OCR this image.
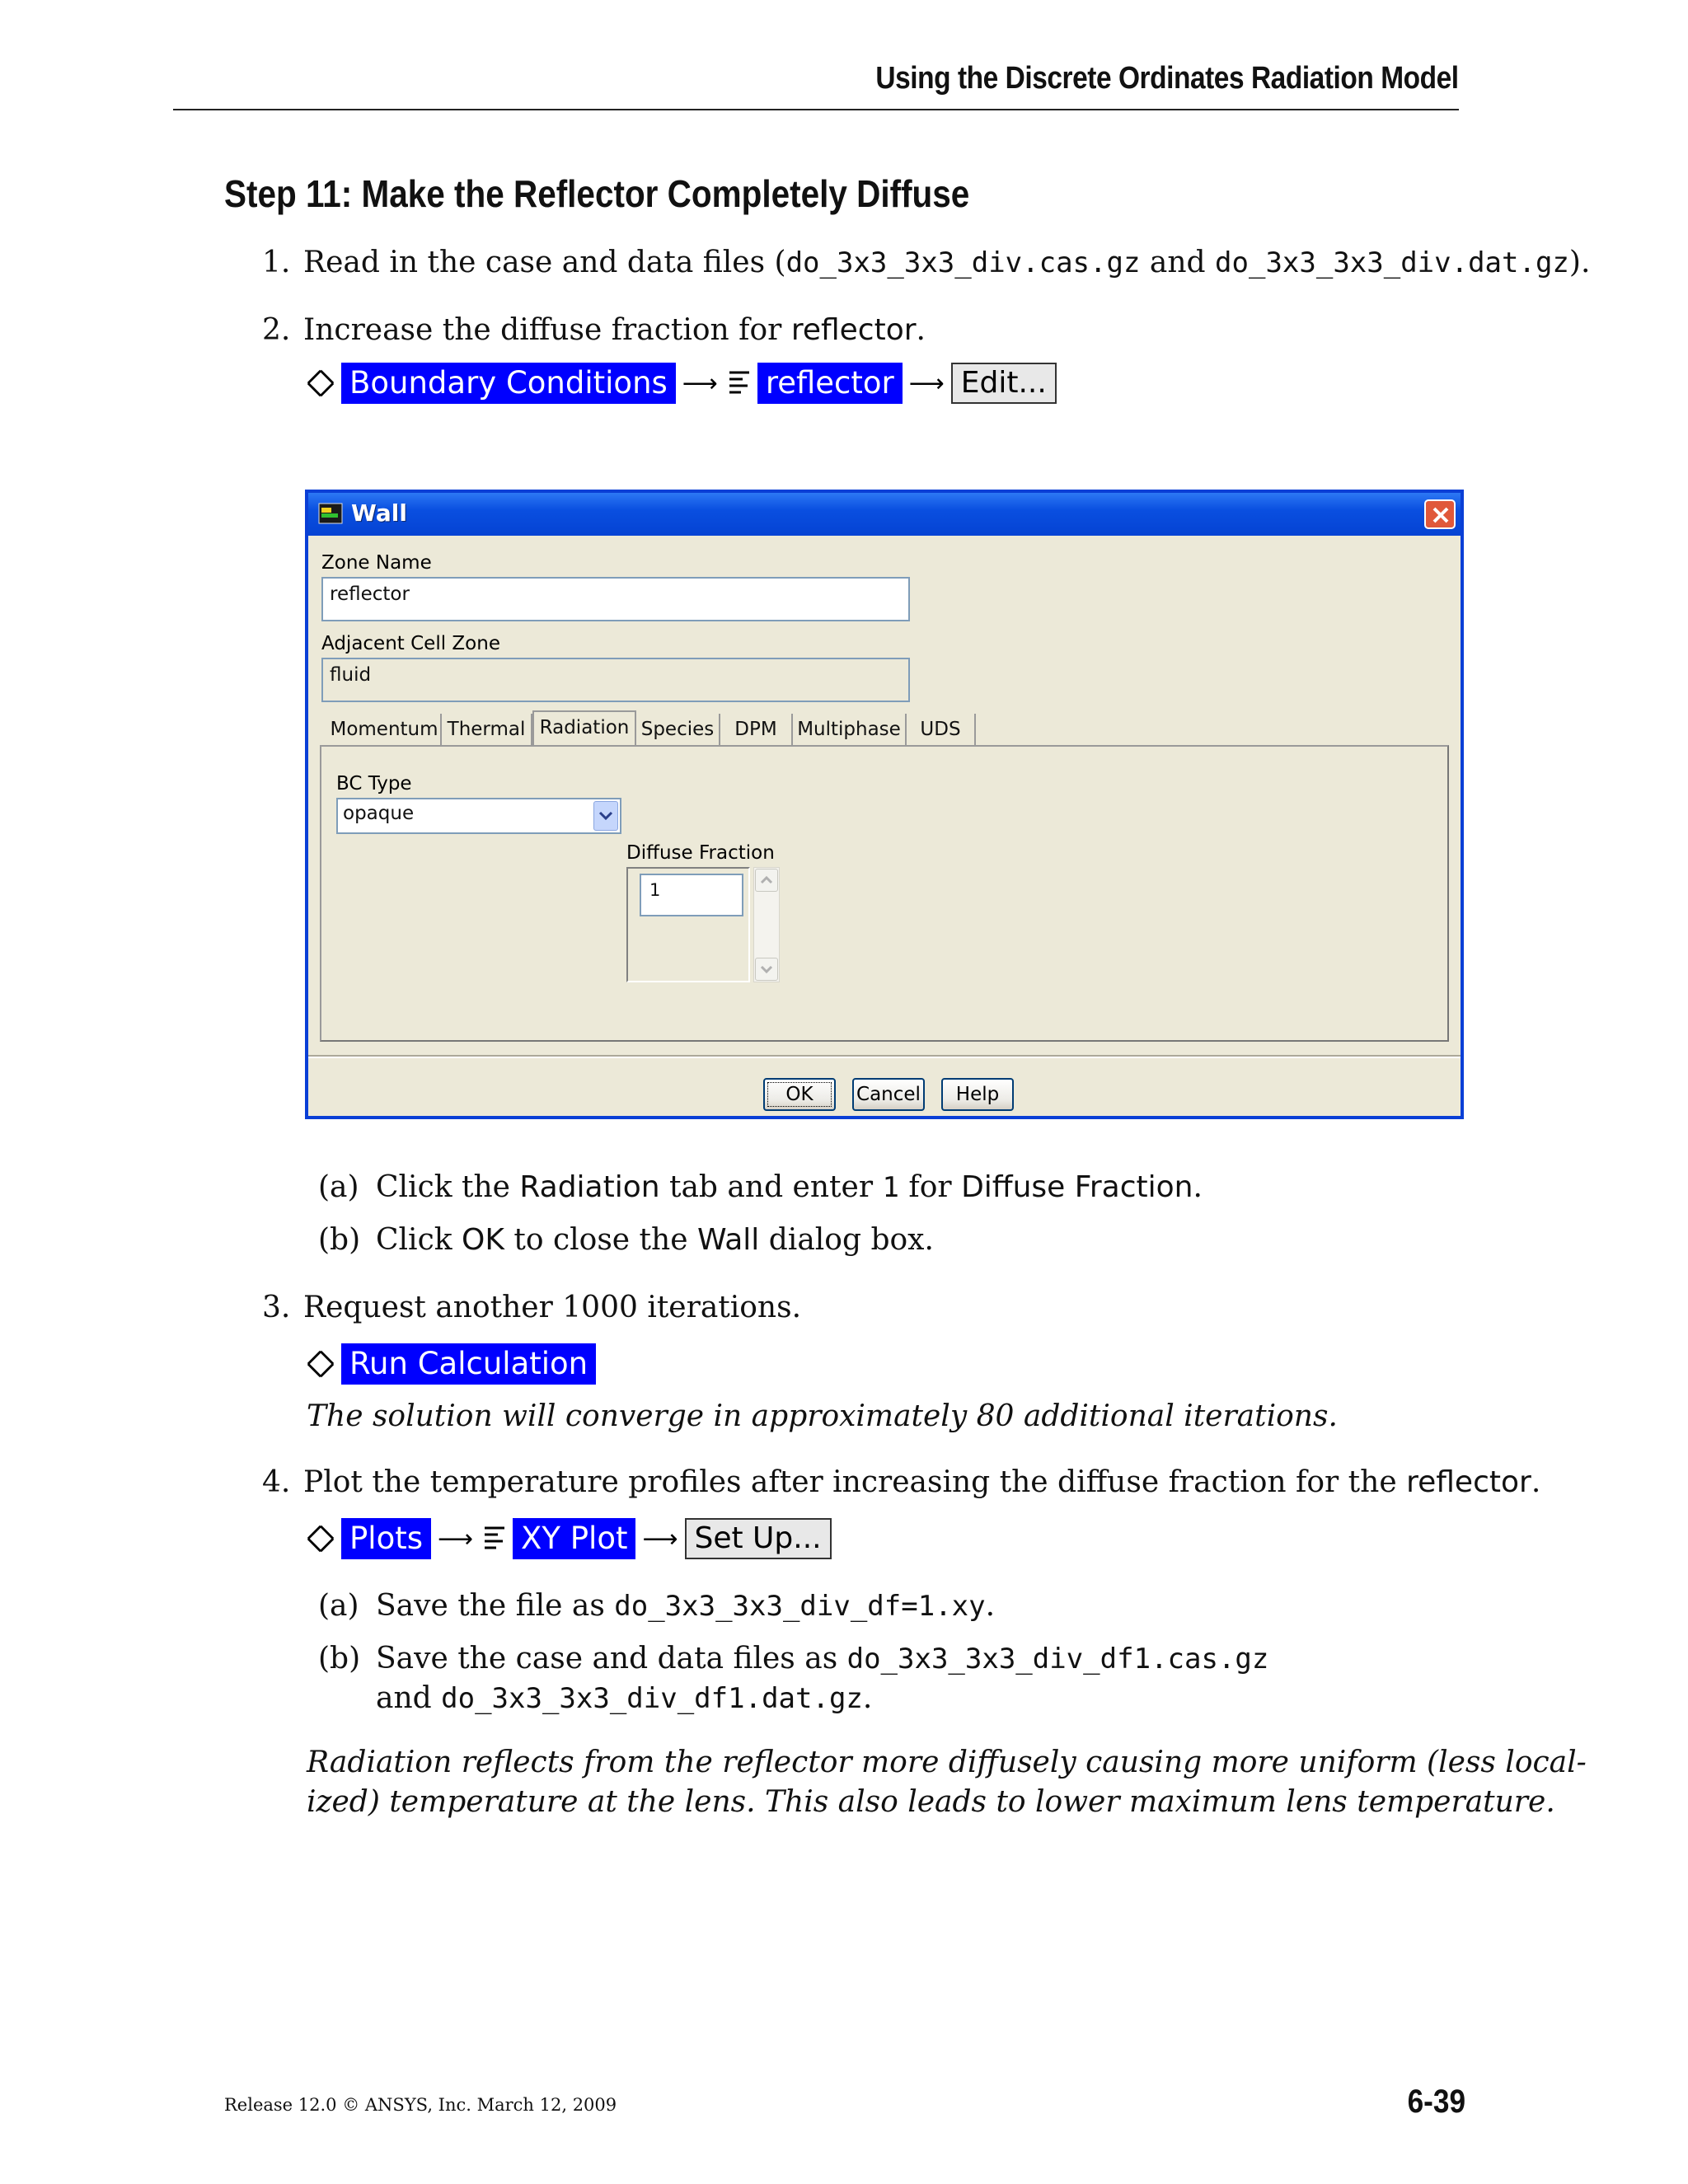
Using the Discrete Ordinates Radiation Model
Step 11: Make the Reflector Completely Diffuse
1. Read in the case and data files (do_3x3_3x3_div.cas.gz and do_3x3_3x3_div.dat.gz).
2. Increase the diffuse fraction for reflector.
Boundary Conditions ⟶ reflector ⟶ Edit...
Wall
Zone Name
reflector
Adjacent Cell Zone
fluid
Momentum Thermal Radiation Species	DPM	Multiphase	UDS
BC Type
opaque
Diffuse Fraction
1
OK	Cancel	Help
(a) Click the Radiation tab and enter 1 for Diffuse Fraction.
(b) Click OK to close the Wall dialog box.
3. Request another 1000 iterations.
Run Calculation
The solution will converge in approximately 80 additional iterations.
4. Plot the temperature profiles after increasing the diffuse fraction for the reflector.
Plots ⟶ XY Plot ⟶ Set Up...
(a) Save the file as do_3x3_3x3_div_df=1.xy.
(b) Save the case and data files as do_3x3_3x3_div_df1.cas.gz
and do_3x3_3x3_div_df1.dat.gz.
Radiation reflects from the reflector more diffusely causing more uniform (less local-
ized) temperature at the lens. This also leads to lower maximum lens temperature.
Release 12.0 © ANSYS, Inc. March 12, 2009	6-39
